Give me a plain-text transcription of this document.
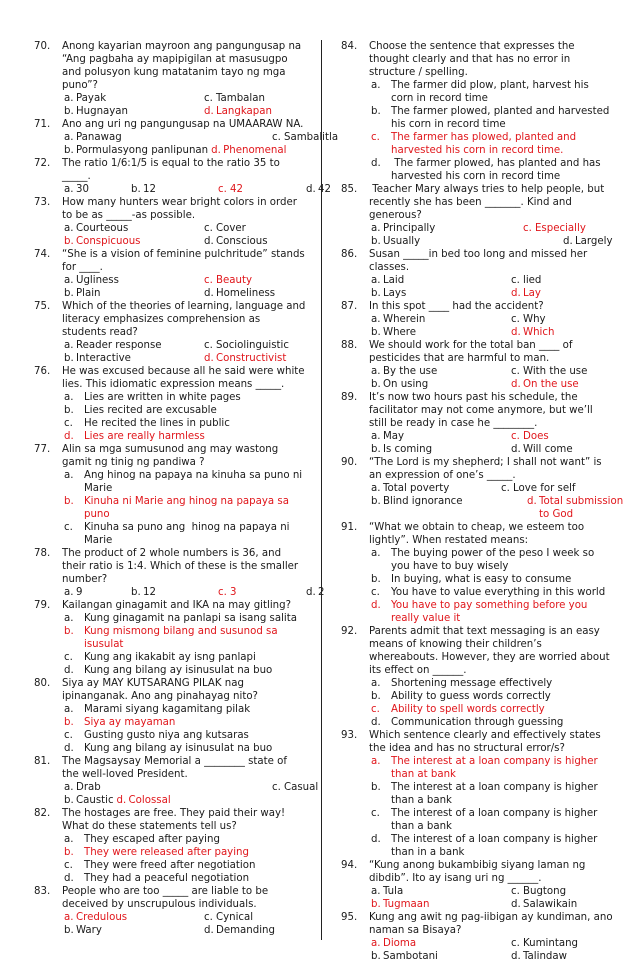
70. Anong kayarian mayroon ang pangungusap na “Ang pagbaha ay mapipigilan at masusugpo and polusyon kung matatanim tayo ng mga puno”?
a. Payak	c. Tambalan
b. Hugnayan	d. Langkapan
71. Ano ang uri ng pangungusap na UMAARAW NA.
a. Panawag	c. Sambalitla
b. Pormulasyong panlipunan d. Phenomenal
72. The ratio 1/6:1/5 is equal to the ratio 35 to _____.
a. 30	b. 12	c. 42	d. 42
73. How many hunters wear bright colors in order to be as _____-as possible.
a. Courteous	c. Cover
b. Conspicuous	d. Conscious
74. “She is a vision of feminine pulchritude” stands for ____.
a. Ugliness	c. Beauty
b. Plain	d. Homeliness
75. Which of the theories of learning, language and literacy emphasizes comprehension as students read?
a. Reader response	c. Sociolinguistic
b. Interactive	d. Constructivist
76. He was excused because all he said were white lies. This idiomatic expression means _____.
a. Lies are written in white pages
b. Lies recited are excusable
c. He recited the lines in public
d. Lies are really harmless
77. Alin sa mga sumusunod ang may wastong gamit ng tinig ng pandiwa ?
a. Ang hinog na papaya na kinuha sa puno ni Marie
b. Kinuha ni Marie ang hinog na papaya sa puno
c. Kinuha sa puno ang  hinog na papaya ni Marie
78. The product of 2 whole numbers is 36, and their ratio is 1:4. Which of these is the smaller number?
a. 9	b. 12	c. 3	d. 2
79. Kailangan ginagamit and IKA na may gitling?
a. Kung ginagamit na panlapi sa isang salita
b. Kung mismong bilang and susunod sa isusulat
c. Kung ang ikakabit ay isng panlapi
d. Kung ang bilang ay isinusulat na buo
80. Siya ay MAY KUTSARANG PILAK nag ipinanganak. Ano ang pinahayag nito?
a. Marami siyang kagamitang pilak
b. Siya ay mayaman
c. Gusting gusto niya ang kutsaras
d. Kung ang bilang ay isinusulat na buo
81. The Magsaysay Memorial a ________ state of the well-loved President.
a. Drab	c. Casual
b. Caustic d. Colossal
82. The hostages are free. They paid their way! What do these statements tell us?
a. They escaped after paying
b. They were released after paying
c. They were freed after negotiation
d. They had a peaceful negotiation
83. People who are too _____ are liable to be deceived by unscrupulous individuals.
a. Credulous	c. Cynical
b. Wary	d. Demanding
84. Choose the sentence that expresses the thought clearly and that has no error in structure / spelling.
a. The farmer did plow, plant, harvest his corn in record time
b. The farmer plowed, planted and harvested his corn in record time
c. The farmer has plowed, planted and harvested his corn in record time.
d. The farmer plowed, has planted and has harvested his corn in record time
85. Teacher Mary always tries to help people, but recently she has been _______. Kind and generous?
a. Principally	c. Especially
b. Usually	d. Largely
86. Susan _____in bed too long and missed her classes.
a. Laid	c. lied
b. Lays	d. Lay
87. In this spot ____ had the accident?
a. Wherein	c. Why
b. Where	d. Which
88. We should work for the total ban ____ of pesticides that are harmful to man.
a. By the use	c. With the use
b. On using	d. On the use
89. It’s now two hours past his schedule, the facilitator may not come anymore, but we’ll still be ready in case he ________.
a. May	c. Does
b. Is coming	d. Will come
90. “The Lord is my shepherd; I shall not want” is an expression of one’s _____.
a. Total poverty	c. Love for self
b. Blind ignorance	d. Total submission to God
91. “What we obtain to cheap, we esteem too lightly”. When restated means:
a. The buying power of the peso I week so you have to buy wisely
b. In buying, what is easy to consume
c. You have to value everything in this world
d. You have to pay something before you really value it
92. Parents admit that text messaging is an easy means of knowing their children’s whereabouts. However, they are worried about its effect on ______.
a. Shortening message effectively
b. Ability to guess words correctly
c. Ability to spell words correctly
d. Communication through guessing
93. Which sentence clearly and effectively states the idea and has no structural error/s?
a. The interest at a loan company is higher than at bank
b. The interest at a loan company is higher than a bank
c. The interest of a loan company is higher than a bank
d. The interest of a loan company is higher than in a bank
94. “Kung anong bukambibig siyang laman ng dibdib”. Ito ay isang uri ng ______.
a. Tula	c. Bugtong
b. Tugmaan	d. Salawikain
95. Kung ang awit ng pag-iibigan ay kundiman, ano naman sa Bisaya?
a. Dioma	c. Kumintang
b. Sambotani	d. Talindaw
